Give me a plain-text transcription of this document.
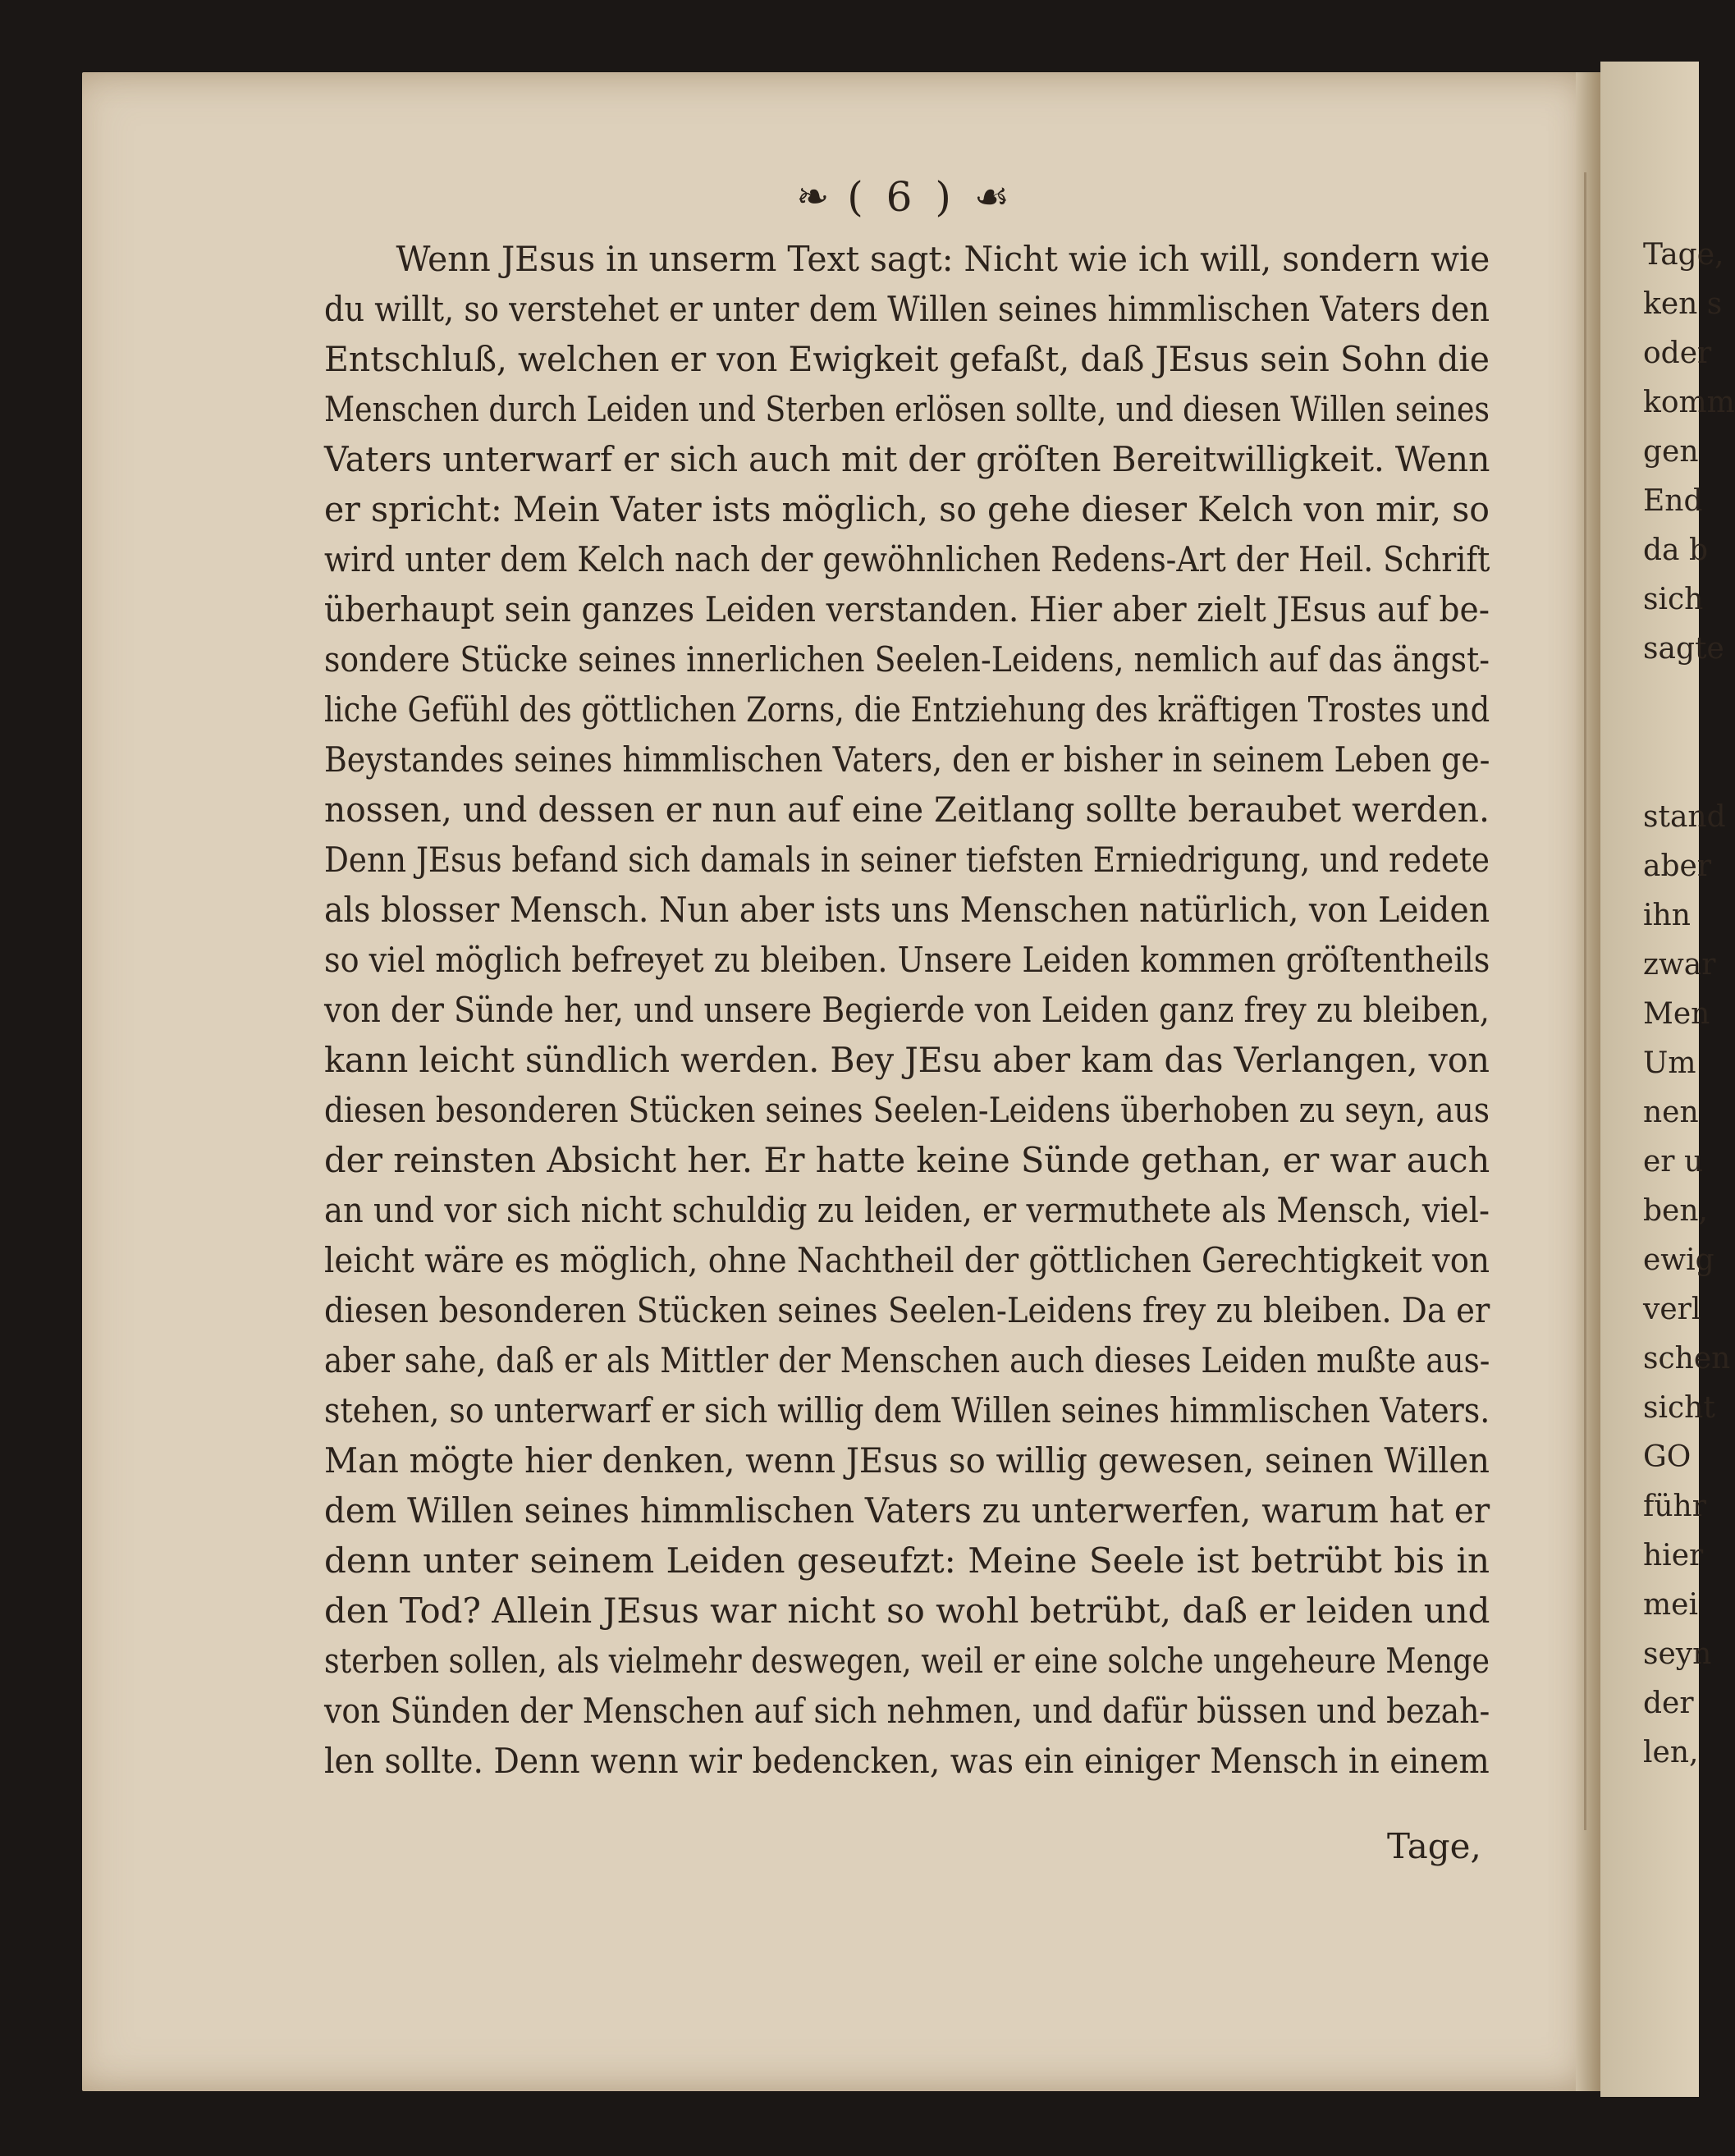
❧ ( 6 ) ☙
Wenn JEsus in unserm Text sagt: Nicht wie ich will, sondern wie
du willt, so verstehet er unter dem Willen seines himmlischen Vaters den
Entschluß, welchen er von Ewigkeit gefaßt, daß JEsus sein Sohn die
Menschen durch Leiden und Sterben erlösen sollte, und diesen Willen seines
Vaters unterwarf er sich auch mit der gröſten Bereitwilligkeit. Wenn
er spricht: Mein Vater ists möglich, so gehe dieser Kelch von mir, so
wird unter dem Kelch nach der gewöhnlichen Redens-Art der Heil. Schrift
überhaupt sein ganzes Leiden verstanden. Hier aber zielt JEsus auf be-
sondere Stücke seines innerlichen Seelen-Leidens, nemlich auf das ängst-
liche Gefühl des göttlichen Zorns, die Entziehung des kräftigen Trostes und
Beystandes seines himmlischen Vaters, den er bisher in seinem Leben ge-
nossen, und dessen er nun auf eine Zeitlang sollte beraubet werden.
Denn JEsus befand sich damals in seiner tiefsten Erniedrigung, und redete
als blosser Mensch. Nun aber ists uns Menschen natürlich, von Leiden
so viel möglich befreyet zu bleiben. Unsere Leiden kommen gröſtentheils
von der Sünde her, und unsere Begierde von Leiden ganz frey zu bleiben,
kann leicht sündlich werden. Bey JEsu aber kam das Verlangen, von
diesen besonderen Stücken seines Seelen-Leidens überhoben zu seyn, aus
der reinsten Absicht her. Er hatte keine Sünde gethan, er war auch
an und vor sich nicht schuldig zu leiden, er vermuthete als Mensch, viel-
leicht wäre es möglich, ohne Nachtheil der göttlichen Gerechtigkeit von
diesen besonderen Stücken seines Seelen-Leidens frey zu bleiben. Da er
aber sahe, daß er als Mittler der Menschen auch dieses Leiden mußte aus-
stehen, so unterwarf er sich willig dem Willen seines himmlischen Vaters.
Man mögte hier denken, wenn JEsus so willig gewesen, seinen Willen
dem Willen seines himmlischen Vaters zu unterwerfen, warum hat er
denn unter seinem Leiden geseufzt: Meine Seele ist betrübt bis in
den Tod? Allein JEsus war nicht so wohl betrübt, daß er leiden und
sterben sollen, als vielmehr deswegen, weil er eine solche ungeheure Menge
von Sünden der Menschen auf sich nehmen, und dafür büssen und bezah-
len sollte. Denn wenn wir bedencken, was ein einiger Mensch in einem
Tage,
Tage,
ken s
oder
komm
gen
End
da b
sich
sagte
stand
aber
ihn
zwar
Men
Um
nen
er u
ben,
ewig
verl
schen
sicht
GO
führ
hier
mei
seyn
der
len,
